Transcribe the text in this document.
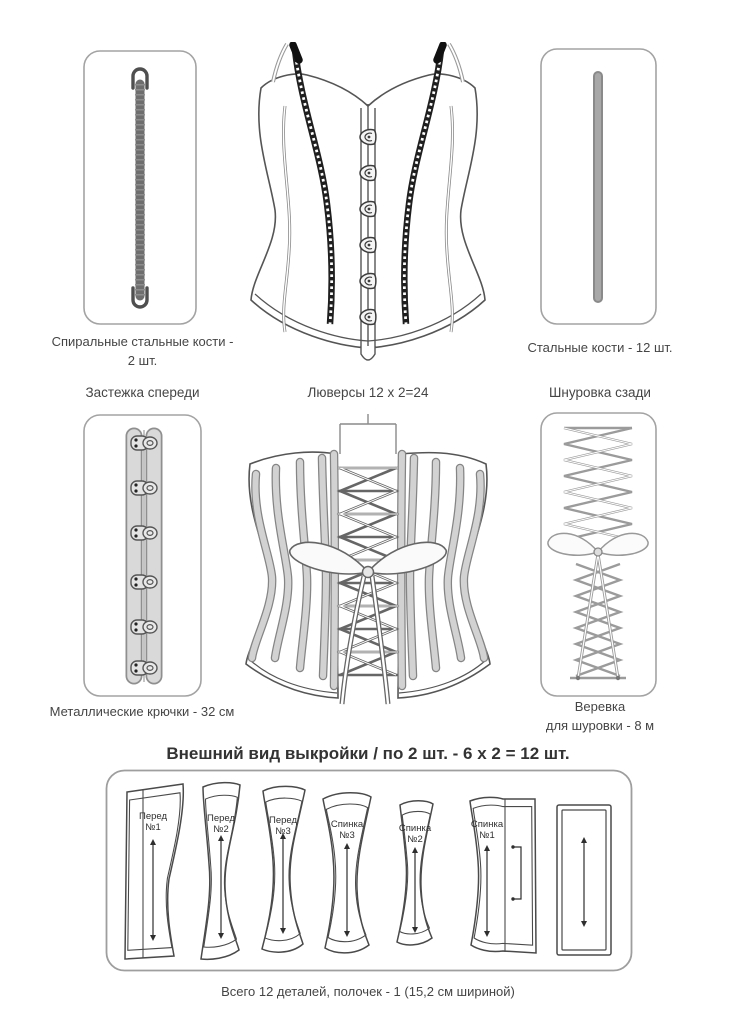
Спиральные стальные кости -
2 шт.
Застежка спереди	Люверсы 12 х 2=24
Стальные кости - 12 шт.
Шнуровка сзади
Металлические крючки - 32 см	Веревка
для шуровки - 8 м
Внешний вид выкройки / по 2 шт. - 6 х 2 = 12 шт.
Перед
№1
Перед
№2
Перед
№3
Спинка
№3
Спинка
№2
Спинка
№1
Всего 12 деталей, полочек - 1 (15,2 см шириной)
